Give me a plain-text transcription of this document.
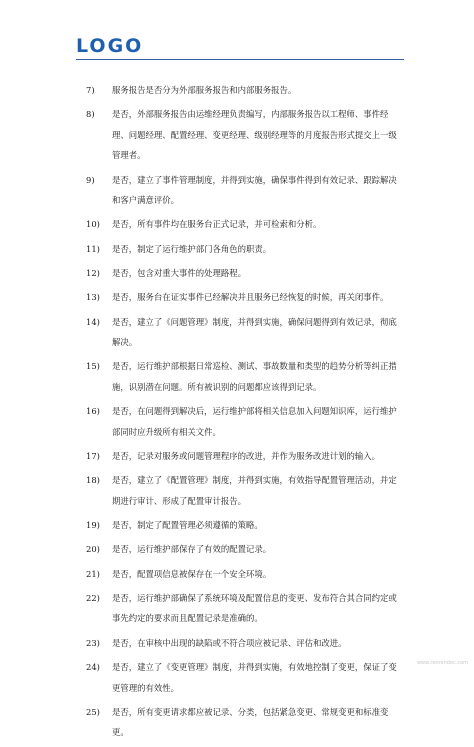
LOGO
7)	服务报告是否分为外部服务报告和内部服务报告。
8)	是否，外部服务报告由运维经理负责编写，内部服务报告以工程师、事件经理、问题经理、配置经理、变更经理、级别经理等的月度报告形式提交上一级管理者。
9)	是否，建立了事件管理制度，并得到实施，确保事件得到有效记录、跟踪解决和客户满意评价。
10)	是否，所有事件均在服务台正式记录，并可检索和分析。
11)	是否，制定了运行维护部门各角色的职责。
12)	是否，包含对重大事件的处理路程。
13)	是否，服务台在证实事件已经解决并且服务已经恢复的时候，再关闭事件。
14)	是否，建立了《问题管理》制度，并得到实施，确保问题得到有效记录，彻底解决。
15)	是否，运行维护部根据日常巡检、测试、事故数量和类型的趋势分析等纠正措施，识别潜在问题。所有被识别的问题都应该得到记录。
16)	是否，在问题得到解决后，运行维护部将相关信息加入问题知识库，运行维护部同时应升级所有相关文件。
17)	是否，记录对服务或问题管理程序的改进，并作为服务改进计划的输入。
18)	是否，建立了《配置管理》制度，并得到实施，有效指导配置管理活动，并定期进行审计、形成了配置审计报告。
19)	是否，制定了配置管理必须遵循的策略。
20)	是否，运行维护部保存了有效的配置记录。
21)	是否，配置项信息被保存在一个安全环境。
22)	是否，运行维护部确保了系统环境及配置信息的变更、发布符合其合同约定或事先约定的要求而且配置记录是准确的。
23)	是否，在审核中出现的缺陷或不符合项应被记录、评估和改进。
24)	是否，建立了《变更管理》制度，并得到实施，有效地控制了变更，保证了变更管理的有效性。
25)	是否，所有变更请求都应被记录、分类，包括紧急变更、常规变更和标准变更。
www.renrendoc.com
